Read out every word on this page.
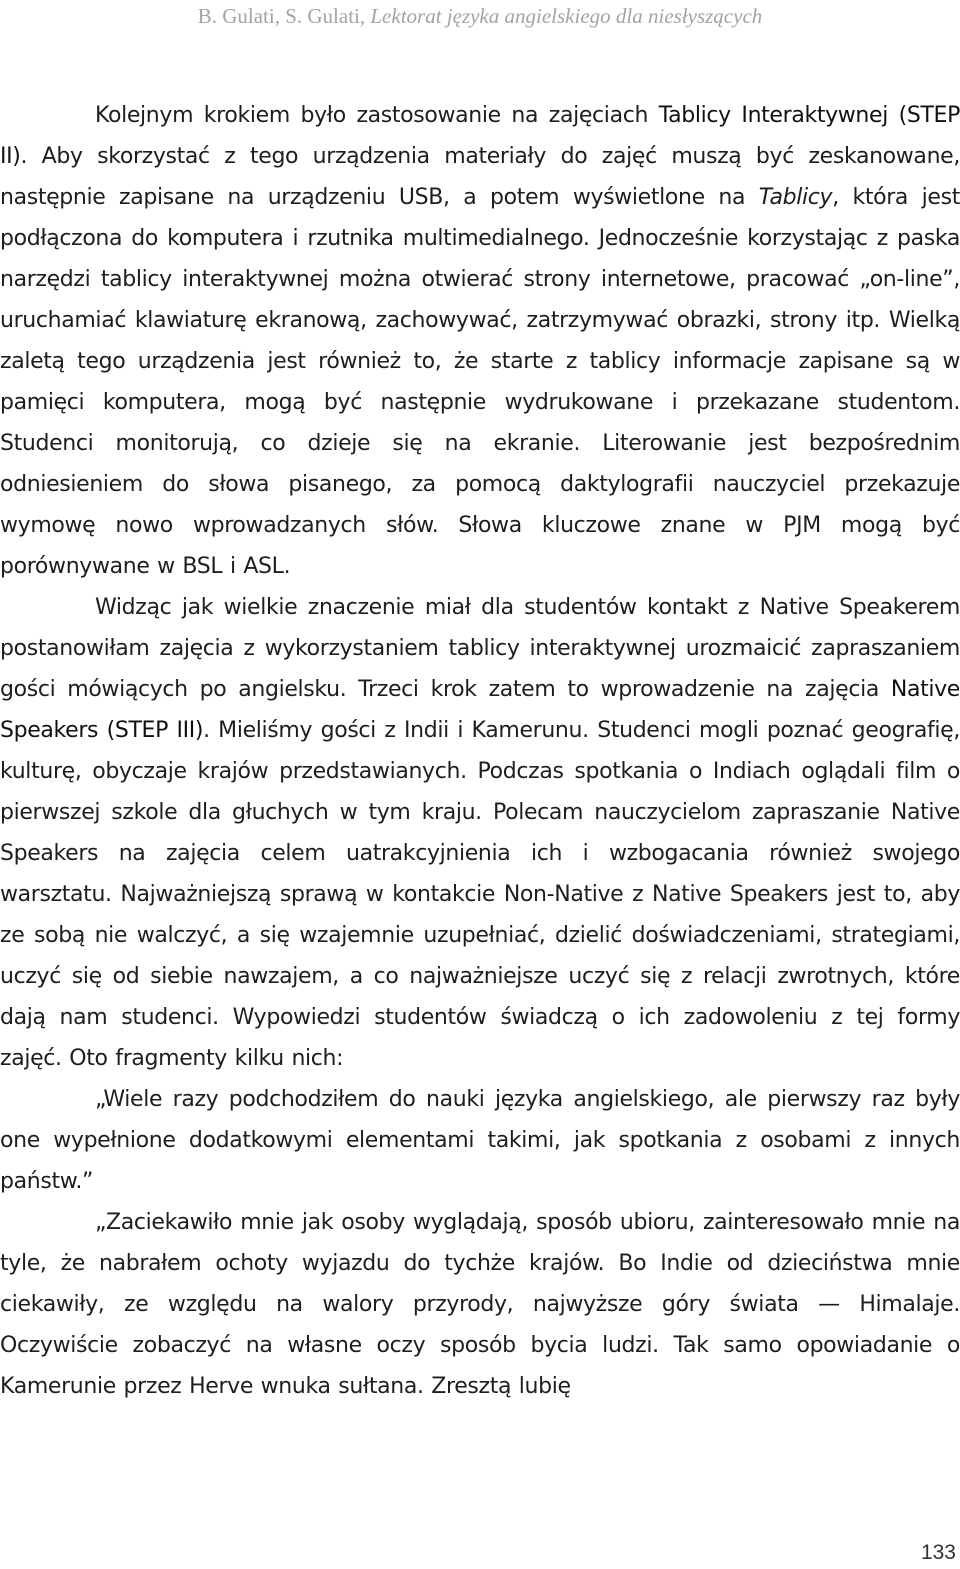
B. Gulati, S. Gulati, Lektorat języka angielskiego dla niesłyszących

Kolejnym krokiem było zastosowanie na zajęciach Tablicy Interaktywnej (STEP II). Aby skorzystać z tego urządzenia materiały do zajęć muszą być zeskanowane, następnie zapisane na urządzeniu USB, a potem wyświetlone na Tablicy, która jest podłączona do komputera i rzutnika multimedialnego. Jednocześnie korzystając z paska narzędzi tablicy interaktywnej można otwierać strony internetowe, pracować „on-line”, uruchamiać klawiaturę ekranową, zachowywać, zatrzymywać obrazki, strony itp. Wielką zaletą tego urządzenia jest również to, że starte z tablicy informacje zapisane są w pamięci komputera, mogą być następnie wydrukowane i przekazane studentom. Studenci monitorują, co dzieje się na ekranie. Literowanie jest bezpośrednim odniesieniem do słowa pisanego, za pomocą daktylografii nauczyciel przekazuje wymowę nowo wprowadzanych słów. Słowa kluczowe znane w PJM mogą być porównywane w BSL i ASL.

Widząc jak wielkie znaczenie miał dla studentów kontakt z Native Speakerem postanowiłam zajęcia z wykorzystaniem tablicy interaktywnej urozmaicić zapraszaniem gości mówiących po angielsku. Trzeci krok zatem to wprowadzenie na zajęcia Native Speakers (STEP III). Mieliśmy gości z Indii i Kamerunu. Studenci mogli poznać geografię, kulturę, obyczaje krajów przedstawianych. Podczas spotkania o Indiach oglądali film o pierwszej szkole dla głuchych w tym kraju. Polecam nauczycielom zapraszanie Native Speakers na zajęcia celem uatrakcyjnienia ich i wzbogacania również swojego warsztatu. Najważniejszą sprawą w kontakcie Non-Native z Native Speakers jest to, aby ze sobą nie walczyć, a się wzajemnie uzupełniać, dzielić doświadczeniami, strategiami, uczyć się od siebie nawzajem, a co najważniejsze uczyć się z relacji zwrotnych, które dają nam studenci. Wypowiedzi studentów świadczą o ich zadowoleniu z tej formy zajęć. Oto fragmenty kilku nich:

„Wiele razy podchodziłem do nauki języka angielskiego, ale pierwszy raz były one wypełnione dodatkowymi elementami takimi, jak spotkania z osobami z innych państw.”

„Zaciekawiło mnie jak osoby wyglądają, sposób ubioru, zainteresowało mnie na tyle, że nabrałem ochoty wyjazdu do tychże krajów. Bo Indie od dzieciństwa mnie ciekawiły, ze względu na walory przyrody, najwyższe góry świata — Himalaje. Oczywiście zobaczyć na własne oczy sposób bycia ludzi. Tak samo opowiadanie o Kamerunie przez Herve wnuka sułtana. Zresztą lubię

133
